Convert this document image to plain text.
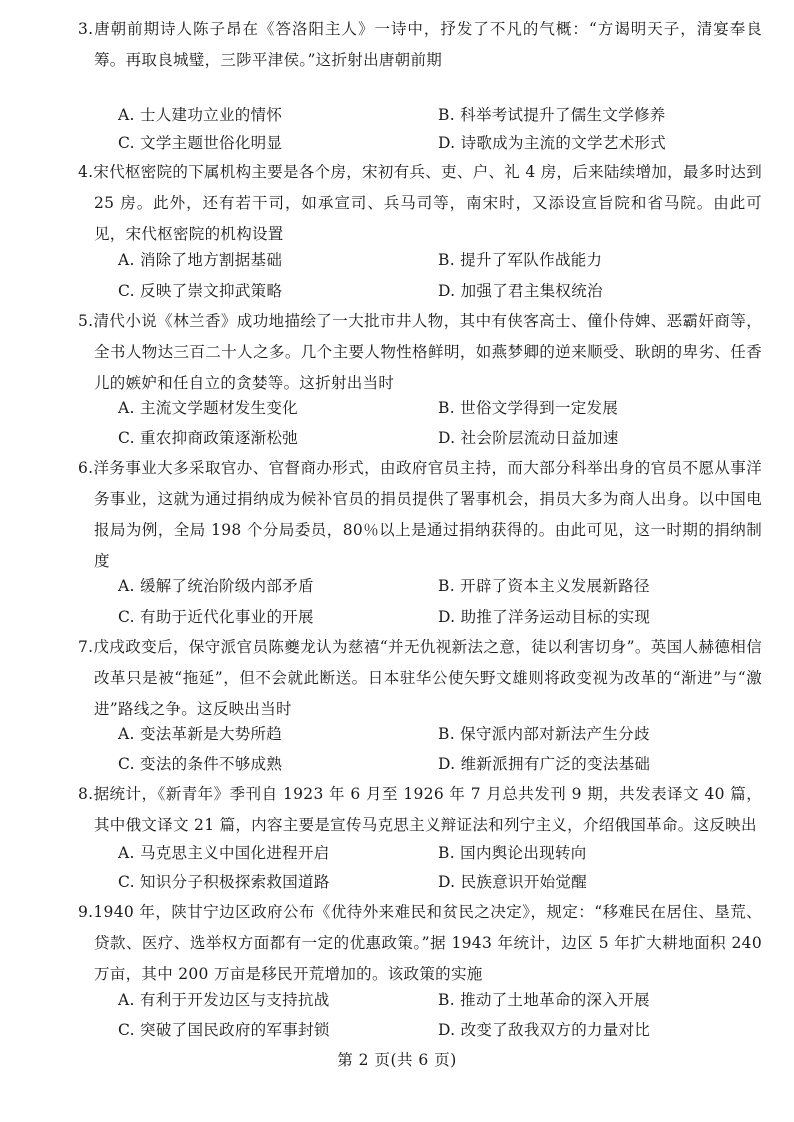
3.唐朝前期诗人陈子昂在《答洛阳主人》一诗中，抒发了不凡的气概：“方谒明天子，清宴奉良筹。再取良城璧，三陟平津侯。”这折射出唐朝前期
A. 士人建功立业的情怀	B. 科举考试提升了儒生文学修养
C. 文学主题世俗化明显	D. 诗歌成为主流的文学艺术形式
4.宋代枢密院的下属机构主要是各个房，宋初有兵、吏、户、礼 4 房，后来陆续增加，最多时达到 25 房。此外，还有若干司，如承宣司、兵马司等，南宋时，又添设宣旨院和省马院。由此可见，宋代枢密院的机构设置
A. 消除了地方割据基础	B. 提升了军队作战能力
C. 反映了崇文抑武策略	D. 加强了君主集权统治
5.清代小说《林兰香》成功地描绘了一大批市井人物，其中有侠客高士、僮仆侍婢、恶霸奸商等，全书人物达三百二十人之多。几个主要人物性格鲜明，如燕梦卿的逆来顺受、耿朗的卑劣、任香儿的嫉妒和任自立的贪婪等。这折射出当时
A. 主流文学题材发生变化	B. 世俗文学得到一定发展
C. 重农抑商政策逐渐松弛	D. 社会阶层流动日益加速
6.洋务事业大多采取官办、官督商办形式，由政府官员主持，而大部分科举出身的官员不愿从事洋务事业，这就为通过捐纳成为候补官员的捐员提供了署事机会，捐员大多为商人出身。以中国电报局为例，全局 198 个分局委员，80％以上是通过捐纳获得的。由此可见，这一时期的捐纳制度
A. 缓解了统治阶级内部矛盾	B. 开辟了资本主义发展新路径
C. 有助于近代化事业的开展	D. 助推了洋务运动目标的实现
7.戊戌政变后，保守派官员陈夔龙认为慈禧“并无仇视新法之意，徒以利害切身”。英国人赫德相信改革只是被“拖延”，但不会就此断送。日本驻华公使矢野文雄则将政变视为改革的“渐进”与“激进”路线之争。这反映出当时
A. 变法革新是大势所趋	B. 保守派内部对新法产生分歧
C. 变法的条件不够成熟	D. 维新派拥有广泛的变法基础
8.据统计，《新青年》季刊自 1923 年 6 月至 1926 年 7 月总共发刊 9 期，共发表译文 40 篇，其中俄文译文 21 篇，内容主要是宣传马克思主义辩证法和列宁主义，介绍俄国革命。这反映出
A. 马克思主义中国化进程开启	B. 国内舆论出现转向
C. 知识分子积极探索救国道路	D. 民族意识开始觉醒
9.1940 年，陕甘宁边区政府公布《优待外来难民和贫民之决定》，规定：“移难民在居住、垦荒、贷款、医疗、选举权方面都有一定的优惠政策。”据 1943 年统计，边区 5 年扩大耕地面积 240 万亩，其中 200 万亩是移民开荒增加的。该政策的实施
A. 有利于开发边区与支持抗战	B. 推动了土地革命的深入开展
C. 突破了国民政府的军事封锁	D. 改变了敌我双方的力量对比
第 2 页(共 6 页)
